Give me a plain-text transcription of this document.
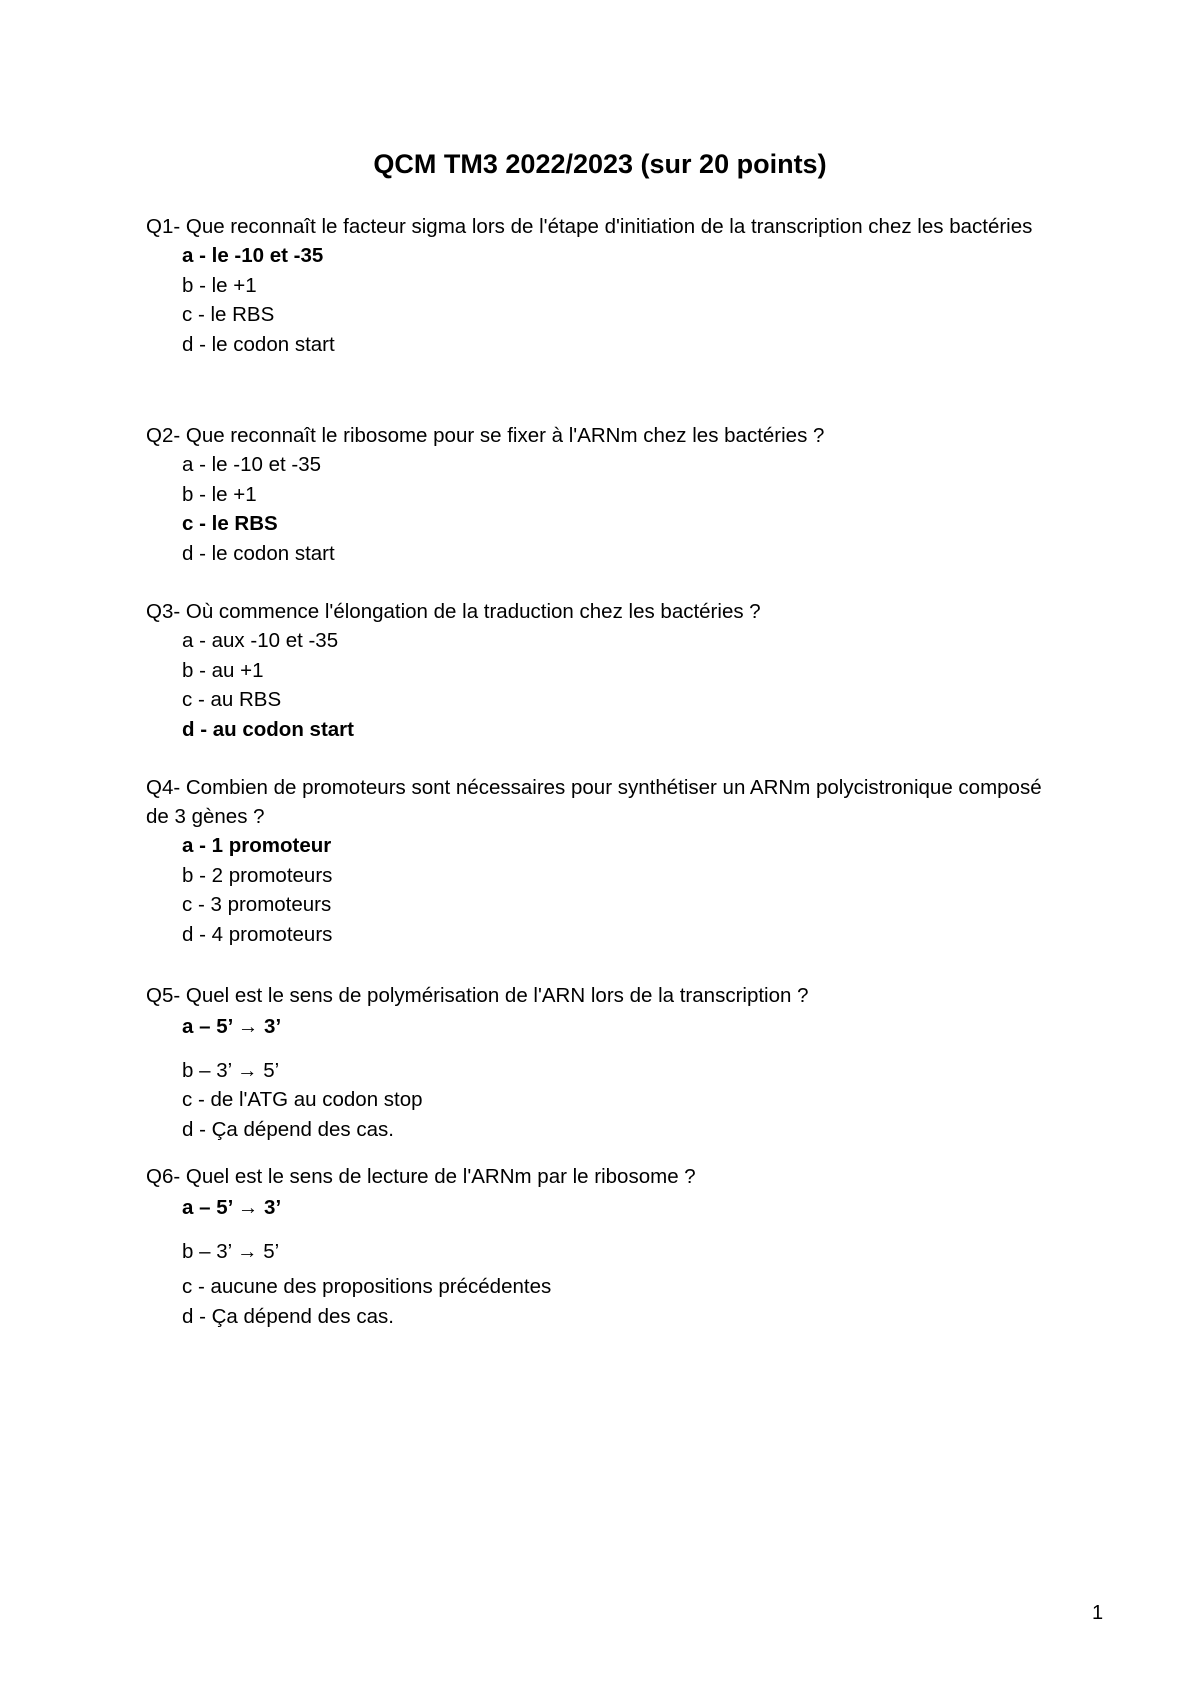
QCM TM3 2022/2023 (sur 20 points)

Q1- Que reconnaît le facteur sigma lors de l'étape d'initiation de la transcription chez les bactéries

a - le -10 et -35
b - le +1
c - le RBS
d - le codon start

Q2- Que reconnaît le ribosome pour se fixer à l'ARNm chez les bactéries ?

a - le -10 et -35
b - le +1
c - le RBS
d - le codon start

Q3- Où commence l'élongation de la traduction chez les bactéries ?

a - aux -10 et -35
b - au +1
c - au RBS
d - au codon start

Q4- Combien de promoteurs sont nécessaires pour synthétiser un ARNm polycistronique composé de 3 gènes ?

a - 1 promoteur
b - 2 promoteurs
c - 3 promoteurs
d - 4 promoteurs

Q5- Quel est le sens de polymérisation de l'ARN lors de la transcription ?

a – 5’ → 3’
b – 3’ → 5’
c - de l'ATG au codon stop
d - Ça dépend des cas.

Q6- Quel est le sens de lecture de l'ARNm par le ribosome ?

a – 5’ → 3’
b – 3’ → 5’
c - aucune des propositions précédentes
d - Ça dépend des cas.
1
